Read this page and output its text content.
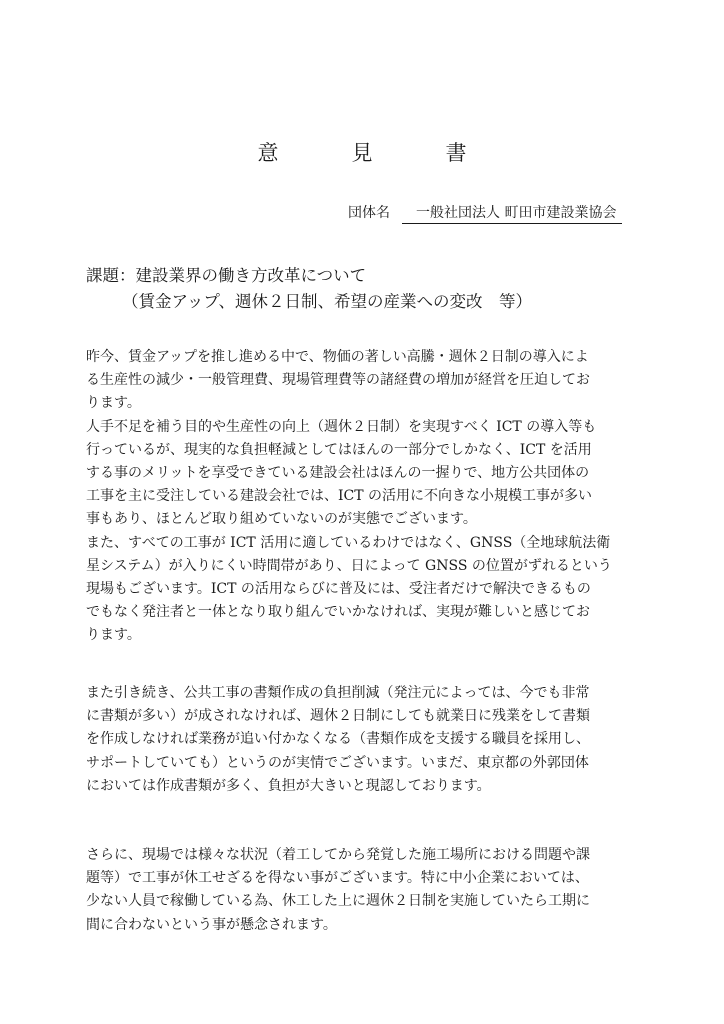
意　見　書
団体名 一般社団法人 町田市建設業協会
課題：建設業界の働き方改革について
（賃金アップ、週休２日制、希望の産業への変改　等）
昨今、賃金アップを推し進める中で、物価の著しい高騰・週休２日制の導入によ
る生産性の減少・一般管理費、現場管理費等の諸経費の増加が経営を圧迫してお
ります。
人手不足を補う目的や生産性の向上（週休２日制）を実現すべく ICT の導入等も
行っているが、現実的な負担軽減としてはほんの一部分でしかなく、ICT を活用
する事のメリットを享受できている建設会社はほんの一握りで、地方公共団体の
工事を主に受注している建設会社では、ICT の活用に不向きな小規模工事が多い
事もあり、ほとんど取り組めていないのが実態でございます。
また、すべての工事が ICT 活用に適しているわけではなく、GNSS（全地球航法衛
星システム）が入りにくい時間帯があり、日によって GNSS の位置がずれるという
現場もございます。ICT の活用ならびに普及には、受注者だけで解決できるもの
でもなく発注者と一体となり取り組んでいかなければ、実現が難しいと感じてお
ります。
また引き続き、公共工事の書類作成の負担削減（発注元によっては、今でも非常
に書類が多い）が成されなければ、週休２日制にしても就業日に残業をして書類
を作成しなければ業務が追い付かなくなる（書類作成を支援する職員を採用し、
サポートしていても）というのが実情でございます。いまだ、東京都の外郭団体
においては作成書類が多く、負担が大きいと現認しております。
さらに、現場では様々な状況（着工してから発覚した施工場所における問題や課
題等）で工事が休工せざるを得ない事がございます。特に中小企業においては、
少ない人員で稼働している為、休工した上に週休２日制を実施していたら工期に
間に合わないという事が懸念されます。
